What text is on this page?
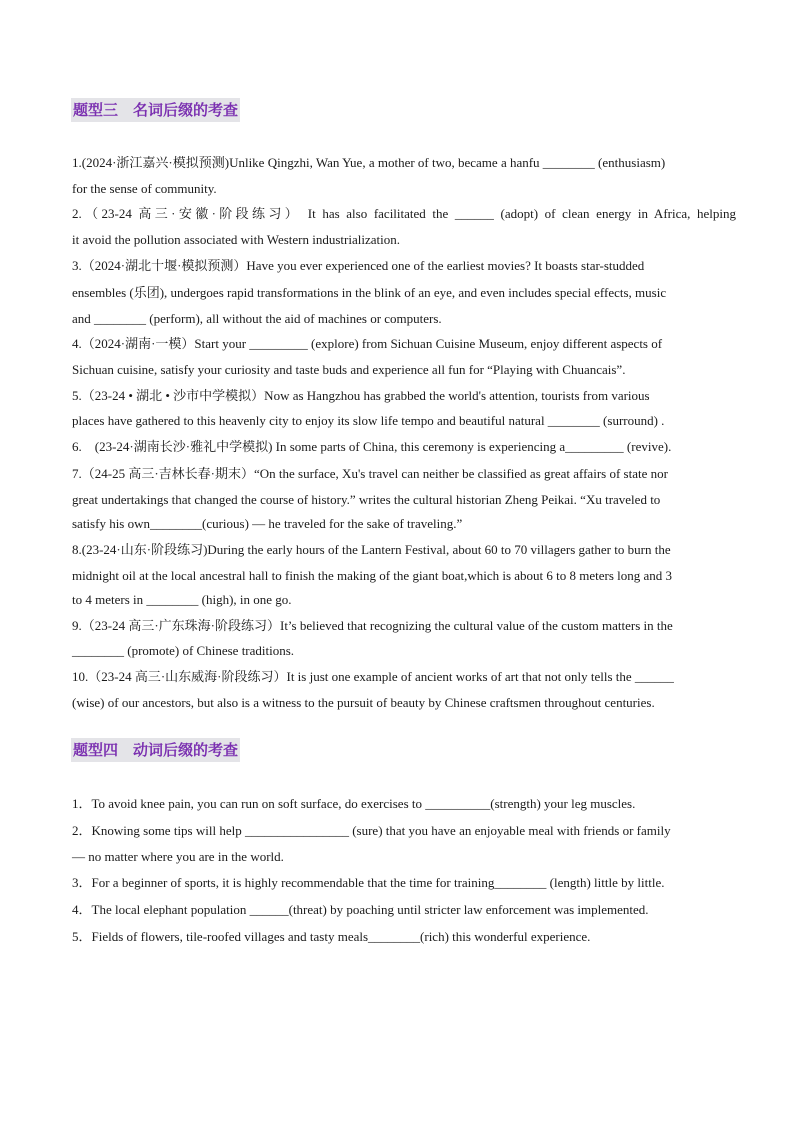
题型三　名词后缀的考查
1.(2024·浙江嘉兴·模拟预测)Unlike Qingzhi, Wan Yue, a mother of two, became a hanfu ________ (enthusiasm)
for the sense of community.
2.（23-24 高三·安徽·阶段练习） It has also facilitated the ______ (adopt) of clean energy in Africa, helping
it avoid the pollution associated with Western industrialization.
3.（2024·湖北十堰·模拟预测）Have you ever experienced one of the earliest movies? It boasts star-studded
ensembles (乐团), undergoes rapid transformations in the blink of an eye, and even includes special effects, music
and ________ (perform), all without the aid of machines or computers.
4.（2024·湖南·一模）Start your _________ (explore) from Sichuan Cuisine Museum, enjoy different aspects of
Sichuan cuisine, satisfy your curiosity and taste buds and experience all fun for “Playing with Chuancais”.
5.（23-24 • 湖北 • 沙市中学模拟）Now as Hangzhou has grabbed the world's attention, tourists from various
places have gathered to this heavenly city to enjoy its slow life tempo and beautiful natural ________ (surround) .
6.　(23-24·湖南长沙·雅礼中学模拟) In some parts of China, this ceremony is experiencing a_________ (revive).
7.（24-25 高三·吉林长春·期末）“On the surface, Xu's travel can neither be classified as great affairs of state nor
great undertakings that changed the course of history.” writes the cultural historian Zheng Peikai. “Xu traveled to
satisfy his own________(curious) — he traveled for the sake of traveling.”
8.(23-24·山东·阶段练习)During the early hours of the Lantern Festival, about 60 to 70 villagers gather to burn the
midnight oil at the local ancestral hall to finish the making of the giant boat,which is about 6 to 8 meters long and 3
to 4 meters in ________ (high), in one go.
9.（23-24 高三·广东珠海·阶段练习）It’s believed that recognizing the cultural value of the custom matters in the
________ (promote) of Chinese traditions.
10.（23-24 高三·山东威海·阶段练习）It is just one example of ancient works of art that not only tells the ______
(wise) of our ancestors, but also is a witness to the pursuit of beauty by Chinese craftsmen throughout centuries.
题型四　动词后缀的考查
1．To avoid knee pain, you can run on soft surface, do exercises to __________(strength) your leg muscles.
2．Knowing some tips will help ________________ (sure) that you have an enjoyable meal with friends or family
— no matter where you are in the world.
3．For a beginner of sports, it is highly recommendable that the time for training________ (length) little by little.
4．The local elephant population ______(threat) by poaching until stricter law enforcement was implemented.
5．Fields of flowers, tile-roofed villages and tasty meals________(rich) this wonderful experience.
